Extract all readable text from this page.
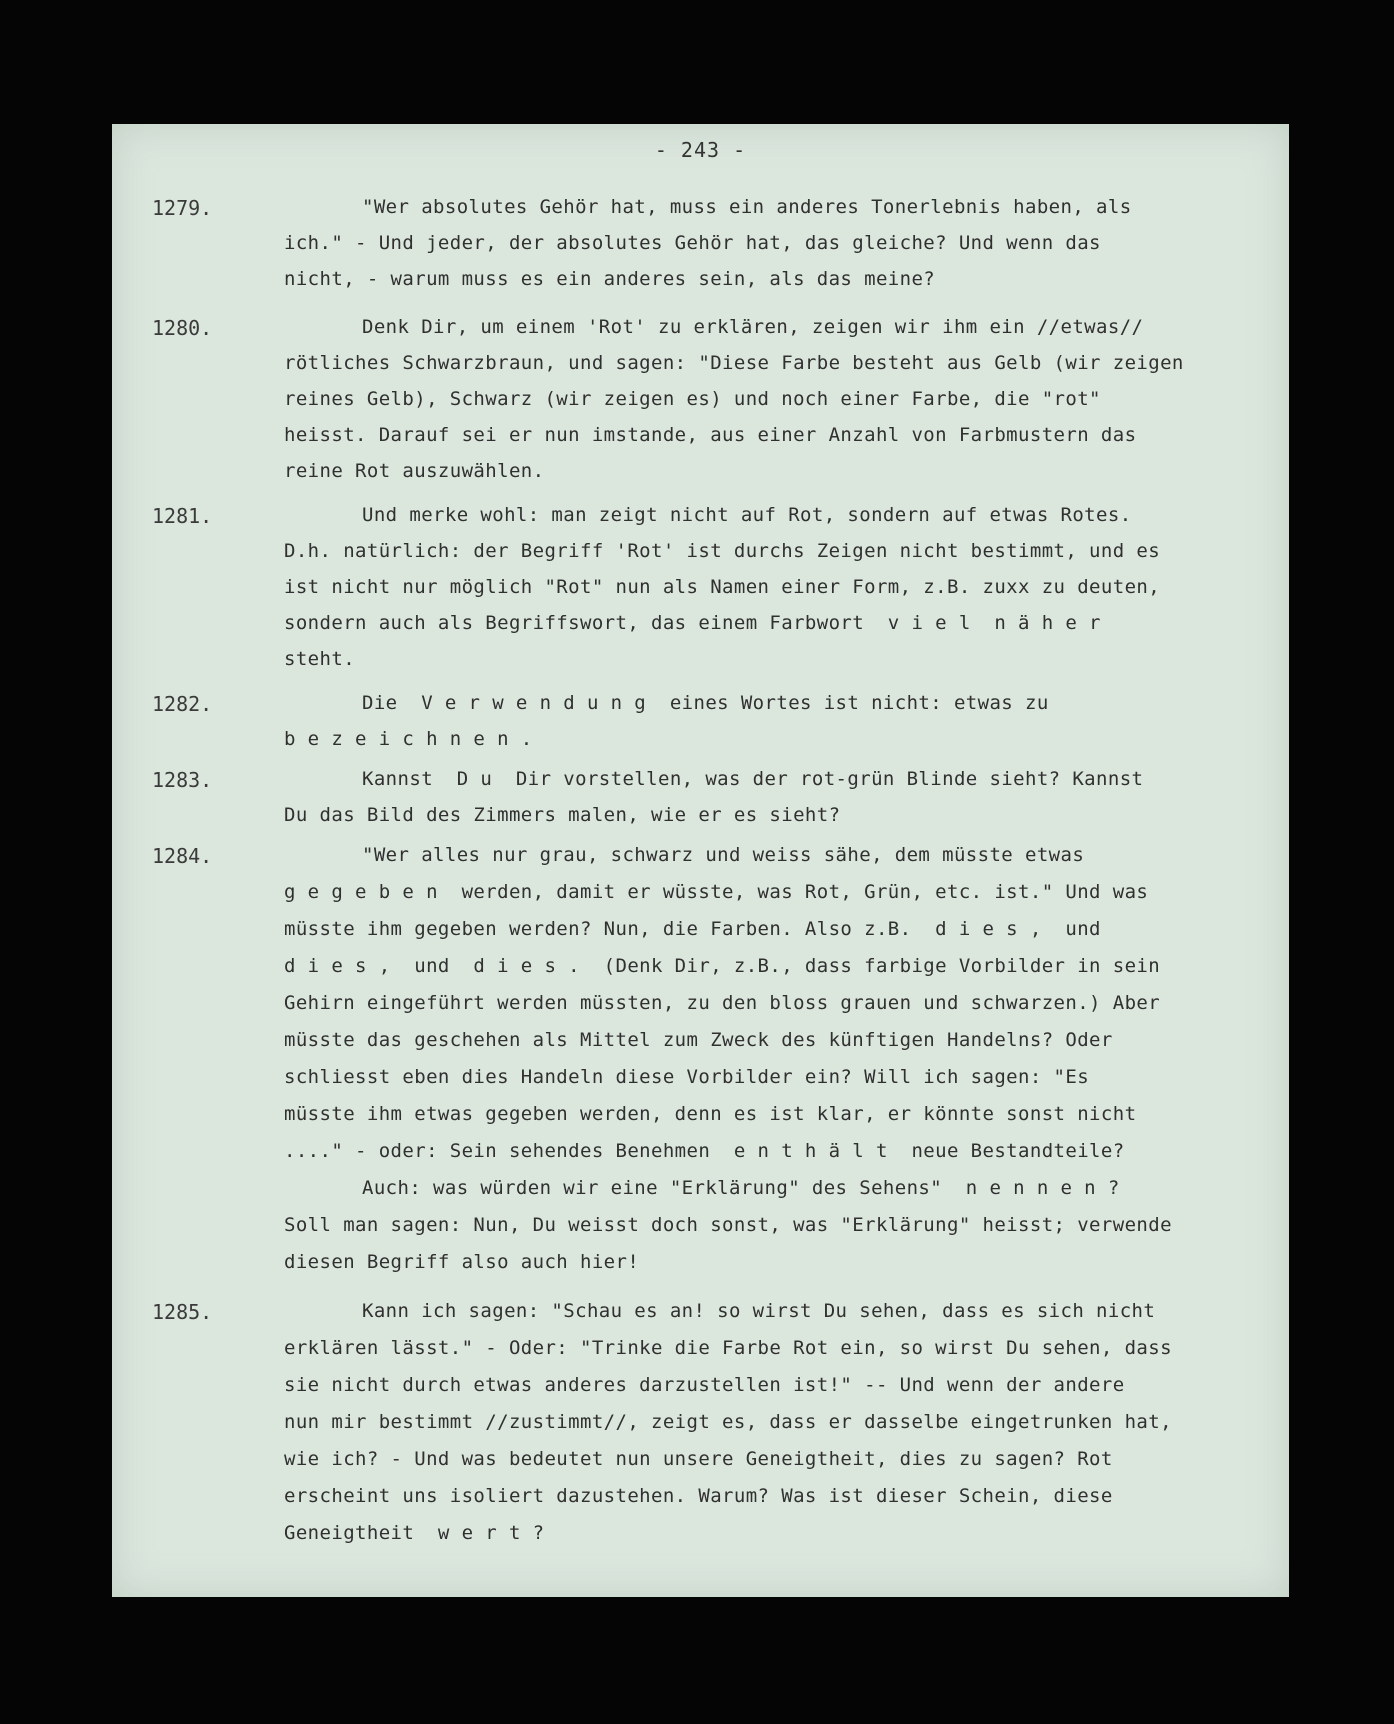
- 243 -
1279.	"Wer absolutes Gehör hat, muss ein anderes Tonerlebnis haben, als
ich." - Und jeder, der absolutes Gehör hat, das gleiche? Und wenn das
nicht, - warum muss es ein anderes sein, als das meine?
1280.	Denk Dir, um einem 'Rot' zu erklären, zeigen wir ihm ein //etwas//
rötliches Schwarzbraun, und sagen: "Diese Farbe besteht aus Gelb (wir zeigen
reines Gelb), Schwarz (wir zeigen es) und noch einer Farbe, die "rot"
heisst. Darauf sei er nun imstande, aus einer Anzahl von Farbmustern das
reine Rot auszuwählen.
1281.	Und merke wohl: man zeigt nicht auf Rot, sondern auf etwas Rotes.
D.h. natürlich: der Begriff 'Rot' ist durchs Zeigen nicht bestimmt, und es
ist nicht nur möglich "Rot" nun als Namen einer Form, z.B. zuxx zu deuten,
sondern auch als Begriffswort, das einem Farbwort  v i e l  n ä h e r
steht.
1282.	Die  V e r w e n d u n g  eines Wortes ist nicht: etwas zu
b e z e i c h n e n .
1283.	Kannst  D u  Dir vorstellen, was der rot-grün Blinde sieht? Kannst
Du das Bild des Zimmers malen, wie er es sieht?
1284.	"Wer alles nur grau, schwarz und weiss sähe, dem müsste etwas
g e g e b e n  werden, damit er wüsste, was Rot, Grün, etc. ist." Und was
müsste ihm gegeben werden? Nun, die Farben. Also z.B.  d i e s ,  und
d i e s ,  und  d i e s .  (Denk Dir, z.B., dass farbige Vorbilder in sein
Gehirn eingeführt werden müssten, zu den bloss grauen und schwarzen.) Aber
müsste das geschehen als Mittel zum Zweck des künftigen Handelns? Oder
schliesst eben dies Handeln diese Vorbilder ein? Will ich sagen: "Es
müsste ihm etwas gegeben werden, denn es ist klar, er könnte sonst nicht
...." - oder: Sein sehendes Benehmen  e n t h ä l t  neue Bestandteile?
Auch: was würden wir eine "Erklärung" des Sehens"  n e n n e n ?
Soll man sagen: Nun, Du weisst doch sonst, was "Erklärung" heisst; verwende
diesen Begriff also auch hier!
1285.	Kann ich sagen: "Schau es an! so wirst Du sehen, dass es sich nicht
erklären lässt." - Oder: "Trinke die Farbe Rot ein, so wirst Du sehen, dass
sie nicht durch etwas anderes darzustellen ist!" -- Und wenn der andere
nun mir bestimmt //zustimmt//, zeigt es, dass er dasselbe eingetrunken hat,
wie ich? - Und was bedeutet nun unsere Geneigtheit, dies zu sagen? Rot
erscheint uns isoliert dazustehen. Warum? Was ist dieser Schein, diese
Geneigtheit  w e r t ?
